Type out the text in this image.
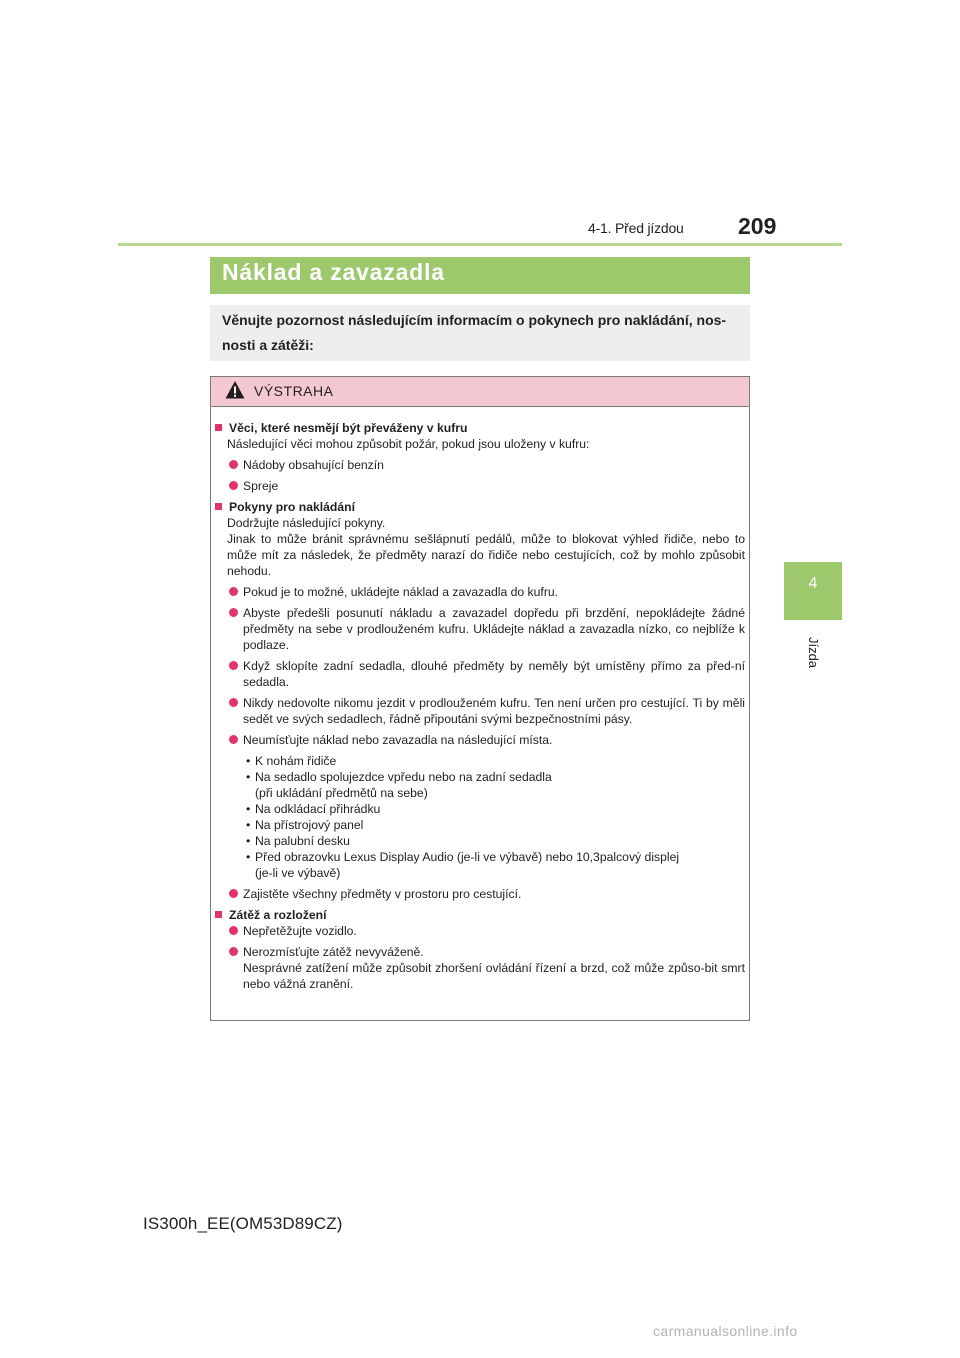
4-1. Před jízdou 209
4
Jízda
Náklad a zavazadla
Věnujte pozornost následujícím informacím o pokynech pro nakládání, nos-
nosti a zátěži:
VÝSTRAHA

Věci, které nesmějí být převáženy v kufru

Následující věci mohou způsobit požár, pokud jsou uloženy v kufru:

Nádoby obsahující benzín

Spreje

Pokyny pro nakládání

Dodržujte následující pokyny.
Jinak to může bránit správnému sešlápnutí pedálů, může to blokovat výhled řidiče, nebo to může mít za následek, že předměty narazí do řidiče nebo cestujících, což by mohlo způsobit nehodu.

Pokud je to možné, ukládejte náklad a zavazadla do kufru.

Abyste předešli posunutí nákladu a zavazadel dopředu při brzdění, nepokládejte žádné předměty na sebe v prodlouženém kufru. Ukládejte náklad a zavazadla nízko, co nejblíže k podlaze.

Když sklopíte zadní sedadla, dlouhé předměty by neměly být umístěny přímo za před-ní sedadla.

Nikdy nedovolte nikomu jezdit v prodlouženém kufru. Ten není určen pro cestující. Ti by měli sedět ve svých sedadlech, řádně připoutáni svými bezpečnostními pásy.

Neumísťujte náklad nebo zavazadla na následující místa.

• K nohám řidiče

• Na sedadlo spolujezdce vpředu nebo na zadní sedadla

(při ukládání předmětů na sebe)

• Na odkládací přihrádku

• Na přístrojový panel

• Na palubní desku

• Před obrazovku Lexus Display Audio (je-li ve výbavě) nebo 10,3palcový displej

(je-li ve výbavě)

Zajistěte všechny předměty v prostoru pro cestující.

Zátěž a rozložení

Nepřetěžujte vozidlo.

Nerozmísťujte zátěž nevyváženě.
Nesprávné zatížení může způsobit zhoršení ovládání řízení a brzd, což může způso-bit smrt nebo vážná zranění.

IS300h_EE(OM53D89CZ)
carmanualsonline.info
